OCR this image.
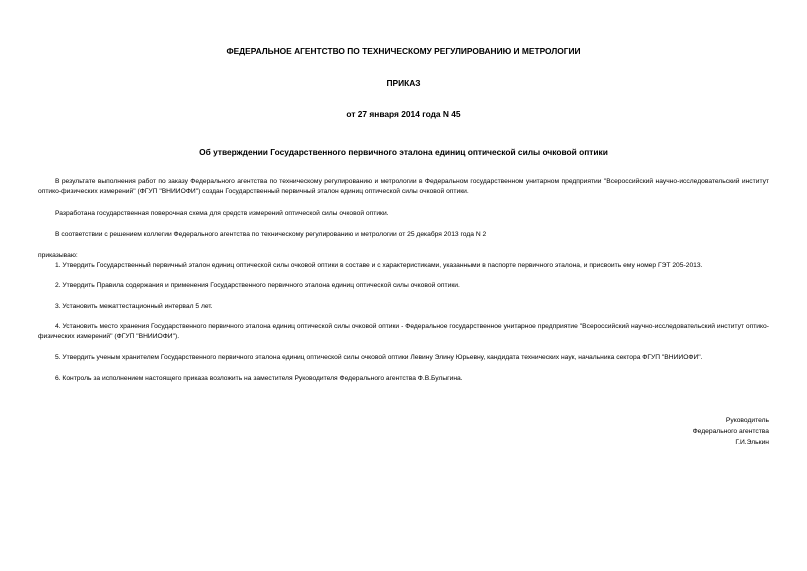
ФЕДЕРАЛЬНОЕ АГЕНТСТВО ПО ТЕХНИЧЕСКОМУ РЕГУЛИРОВАНИЮ И МЕТРОЛОГИИ
ПРИКАЗ
от 27 января 2014 года N 45
Об утверждении Государственного первичного эталона единиц оптической силы очковой оптики
В результате выполнения работ по заказу Федерального агентства по техническому регулированию и метрологии в Федеральном государственном унитарном предприятии "Всероссийский научно-исследовательский институт оптико-физических измерений" (ФГУП "ВНИИОФИ") создан Государственный первичный эталон единиц оптической силы очковой оптики.
Разработана государственная поверочная схема для средств измерений оптической силы очковой оптики.
В соответствии с решением коллегии Федерального агентства по техническому регулированию и метрологии от 25 декабря 2013 года N 2
приказываю:
1. Утвердить Государственный первичный эталон единиц оптической силы очковой оптики в составе и с характеристиками, указанными в паспорте первичного эталона, и присвоить ему номер ГЭТ 205-2013.
2. Утвердить Правила содержания и применения Государственного первичного эталона единиц оптической силы очковой оптики.
3. Установить межаттестационный интервал 5 лет.
4. Установить место хранения Государственного первичного эталона единиц оптической силы очковой оптики - Федеральное государственное унитарное предприятие "Всероссийский научно-исследовательский институт оптико-физических измерений" (ФГУП "ВНИИОФИ").
5. Утвердить ученым хранителем Государственного первичного эталона единиц оптической силы очковой оптики Левину Элину Юрьевну, кандидата технических наук, начальника сектора ФГУП "ВНИИОФИ".
6. Контроль за исполнением настоящего приказа возложить на заместителя Руководителя Федерального агентства Ф.В.Булыгина.
Руководитель
Федерального агентства
Г.И.Элькин
